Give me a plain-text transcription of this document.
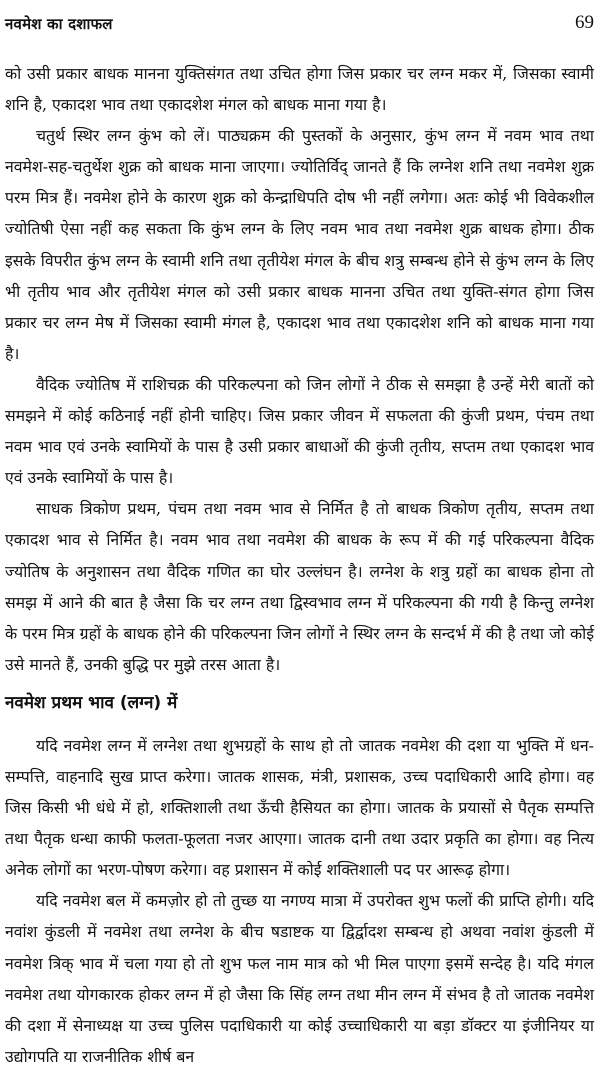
नवमेश का दशाफल	69

को उसी प्रकार बाधक मानना युक्तिसंगत तथा उचित होगा जिस प्रकार चर लग्न मकर में, जिसका स्वामी शनि है, एकादश भाव तथा एकादशेश मंगल को बाधक माना गया है।

चतुर्थ स्थिर लग्न कुंभ को लें। पाठ्यक्रम की पुस्तकों के अनुसार, कुंभ लग्न में नवम भाव तथा नवमेश-सह-चतुर्थेश शुक्र को बाधक माना जाएगा। ज्योतिर्विद् जानते हैं कि लग्नेश शनि तथा नवमेश शुक्र परम मित्र हैं। नवमेश होने के कारण शुक्र को केन्द्राधिपति दोष भी नहीं लगेगा। अतः कोई भी विवेकशील ज्योतिषी ऐसा नहीं कह सकता कि कुंभ लग्न के लिए नवम भाव तथा नवमेश शुक्र बाधक होगा। ठीक इसके विपरीत कुंभ लग्न के स्वामी शनि तथा तृतीयेश मंगल के बीच शत्रु सम्बन्ध होने से कुंभ लग्न के लिए भी तृतीय भाव और तृतीयेश मंगल को उसी प्रकार बाधक मानना उचित तथा युक्ति-संगत होगा जिस प्रकार चर लग्न मेष में जिसका स्वामी मंगल है, एकादश भाव तथा एकादशेश शनि को बाधक माना गया है।

वैदिक ज्योतिष में राशिचक्र की परिकल्पना को जिन लोगों ने ठीक से समझा है उन्हें मेरी बातों को समझने में कोई कठिनाई नहीं होनी चाहिए। जिस प्रकार जीवन में सफलता की कुंजी प्रथम, पंचम तथा नवम भाव एवं उनके स्वामियों के पास है उसी प्रकार बाधाओं की कुंजी तृतीय, सप्तम तथा एकादश भाव एवं उनके स्वामियों के पास है।

साधक त्रिकोण प्रथम, पंचम तथा नवम भाव से निर्मित है तो बाधक त्रिकोण तृतीय, सप्तम तथा एकादश भाव से निर्मित है। नवम भाव तथा नवमेश की बाधक के रूप में की गई परिकल्पना वैदिक ज्योतिष के अनुशासन तथा वैदिक गणित का घोर उल्लंघन है। लग्नेश के शत्रु ग्रहों का बाधक होना तो समझ में आने की बात है जैसा कि चर लग्न तथा द्विस्वभाव लग्न में परिकल्पना की गयी है किन्तु लग्नेश के परम मित्र ग्रहों के बाधक होने की परिकल्पना जिन लोगों ने स्थिर लग्न के सन्दर्भ में की है तथा जो कोई उसे मानते हैं, उनकी बुद्धि पर मुझे तरस आता है।

नवमेश प्रथम भाव (लग्न) में

यदि नवमेश लग्न में लग्नेश तथा शुभग्रहों के साथ हो तो जातक नवमेश की दशा या भुक्ति में धन-सम्पत्ति, वाहनादि सुख प्राप्त करेगा। जातक शासक, मंत्री, प्रशासक, उच्च पदाधिकारी आदि होगा। वह जिस किसी भी धंधे में हो, शक्तिशाली तथा ऊँची हैसियत का होगा। जातक के प्रयासों से पैतृक सम्पत्ति तथा पैतृक धन्धा काफी फलता-फूलता नजर आएगा। जातक दानी तथा उदार प्रकृति का होगा। वह नित्य अनेक लोगों का भरण-पोषण करेगा। वह प्रशासन में कोई शक्तिशाली पद पर आरूढ़ होगा।

यदि नवमेश बल में कमज़ोर हो तो तुच्छ या नगण्य मात्रा में उपरोक्त शुभ फलों की प्राप्ति होगी। यदि नवांश कुंडली में नवमेश तथा लग्नेश के बीच षडाष्टक या द्विर्द्वादश सम्बन्ध हो अथवा नवांश कुंडली में नवमेश त्रिक् भाव में चला गया हो तो शुभ फल नाम मात्र को भी मिल पाएगा इसमें सन्देह है। यदि मंगल नवमेश तथा योगकारक होकर लग्न में हो जैसा कि सिंह लग्न तथा मीन लग्न में संभव है तो जातक नवमेश की दशा में सेनाध्यक्ष या उच्च पुलिस पदाधिकारी या कोई उच्चाधिकारी या बड़ा डॉक्टर या इंजीनियर या उद्योगपति या राजनीतिक शीर्ष बन
